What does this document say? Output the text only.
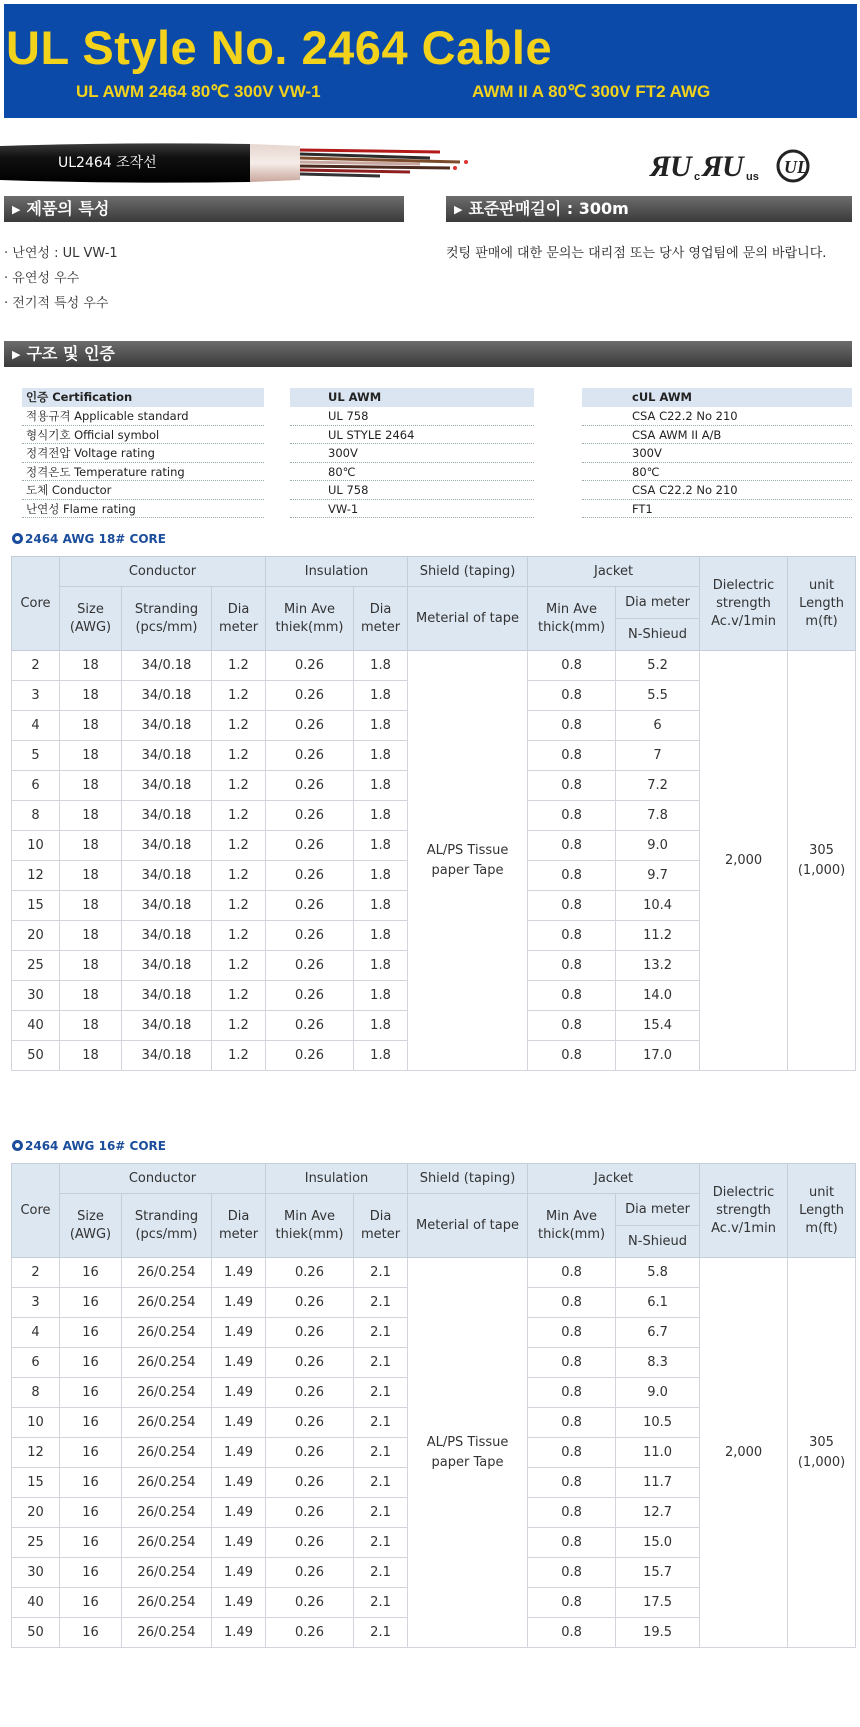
UL Style No. 2464 Cable
UL AWM 2464 80℃ 300V VW-1	AWM II A 80℃ 300V FT2 AWG
UL2464 조작선	Я U c Я U us UL
▶ 제품의 특성	▶ 표준판매길이 : 300m
· 난연성 : UL VW-1
· 유연성 우수
· 전기적 특성 우수
컷팅 판매에 대한 문의는 대리점 또는 당사 영업팀에 문의 바랍니다.
▶ 구조 및 인증
인증 Certification	UL AWM	cUL AWM
적용규격 Applicable standard	UL 758	CSA C22.2 No 210
형식기호 Official symbol	UL STYLE 2464	CSA AWM II A/B
정격전압 Voltage rating	300V	300V
정격온도 Temperature rating	80℃	80℃
도체 Conductor	UL 758	CSA C22.2 No 210
난연성 Flame rating	VW-1	FT1
2464 AWG 18# CORE
Core	Conductor			Insulation		Shield (taping)	Jacket		Dielectric strength Ac.v/1min	unit Length m(ft)
	Size (AWG)	Stranding (pcs/mm)	Dia meter	Min Ave thiek(mm)	Dia meter	Meterial of tape	Min Ave thick(mm)	Dia meter		
								N-Shieud		
2	18	34/0.18	1.2	0.26	1.8	AL/PS Tissue paper Tape	0.8	5.2	2,000	305 (1,000)
3	18	34/0.18	1.2	0.26	1.8		0.8	5.5		
4	18	34/0.18	1.2	0.26	1.8		0.8	6		
5	18	34/0.18	1.2	0.26	1.8		0.8	7		
6	18	34/0.18	1.2	0.26	1.8		0.8	7.2		
8	18	34/0.18	1.2	0.26	1.8		0.8	7.8		
10	18	34/0.18	1.2	0.26	1.8		0.8	9.0		
12	18	34/0.18	1.2	0.26	1.8		0.8	9.7		
15	18	34/0.18	1.2	0.26	1.8		0.8	10.4		
20	18	34/0.18	1.2	0.26	1.8		0.8	11.2		
25	18	34/0.18	1.2	0.26	1.8		0.8	13.2		
30	18	34/0.18	1.2	0.26	1.8		0.8	14.0		
40	18	34/0.18	1.2	0.26	1.8		0.8	15.4		
50	18	34/0.18	1.2	0.26	1.8		0.8	17.0		
2464 AWG 16# CORE
Core	Conductor			Insulation		Shield (taping)	Jacket		Dielectric strength Ac.v/1min	unit Length m(ft)
	Size (AWG)	Stranding (pcs/mm)	Dia meter	Min Ave thiek(mm)	Dia meter	Meterial of tape	Min Ave thick(mm)	Dia meter		
								N-Shieud		
2	16	26/0.254	1.49	0.26	2.1	AL/PS Tissue paper Tape	0.8	5.8	2,000	305 (1,000)
3	16	26/0.254	1.49	0.26	2.1		0.8	6.1		
4	16	26/0.254	1.49	0.26	2.1		0.8	6.7		
6	16	26/0.254	1.49	0.26	2.1		0.8	8.3		
8	16	26/0.254	1.49	0.26	2.1		0.8	9.0		
10	16	26/0.254	1.49	0.26	2.1		0.8	10.5		
12	16	26/0.254	1.49	0.26	2.1		0.8	11.0		
15	16	26/0.254	1.49	0.26	2.1		0.8	11.7		
20	16	26/0.254	1.49	0.26	2.1		0.8	12.7		
25	16	26/0.254	1.49	0.26	2.1		0.8	15.0		
30	16	26/0.254	1.49	0.26	2.1		0.8	15.7		
40	16	26/0.254	1.49	0.26	2.1		0.8	17.5		
50	16	26/0.254	1.49	0.26	2.1		0.8	19.5		
